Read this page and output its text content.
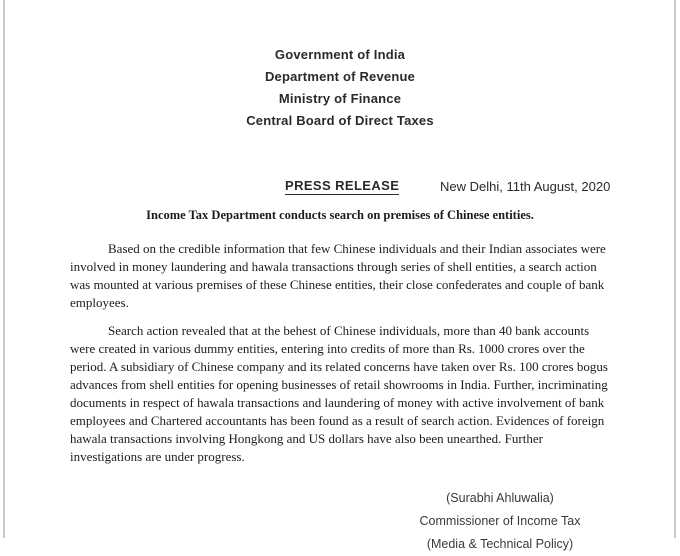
Government of India
Department of Revenue
Ministry of Finance
Central Board of Direct Taxes
PRESS RELEASE	New Delhi, 11th August, 2020
Income Tax Department conducts search on premises of Chinese entities.

Based on the credible information that few Chinese individuals and their Indian associates were involved in money laundering and hawala transactions through series of shell entities, a search action was mounted at various premises of these Chinese entities, their close confederates and couple of bank employees.

Search action revealed that at the behest of Chinese individuals, more than 40 bank accounts were created in various dummy entities, entering into credits of more than Rs. 1000 crores over the period. A subsidiary of Chinese company and its related concerns have taken over Rs. 100 crores bogus advances from shell entities for opening businesses of retail showrooms in India. Further, incriminating documents in respect of hawala transactions and laundering of money with active involvement of bank employees and Chartered accountants has been found as a result of search action. Evidences of foreign hawala transactions involving Hongkong and US dollars have also been unearthed. Further investigations are under progress.

(Surabhi Ahluwalia)
Commissioner of Income Tax
(Media & Technical Policy)
